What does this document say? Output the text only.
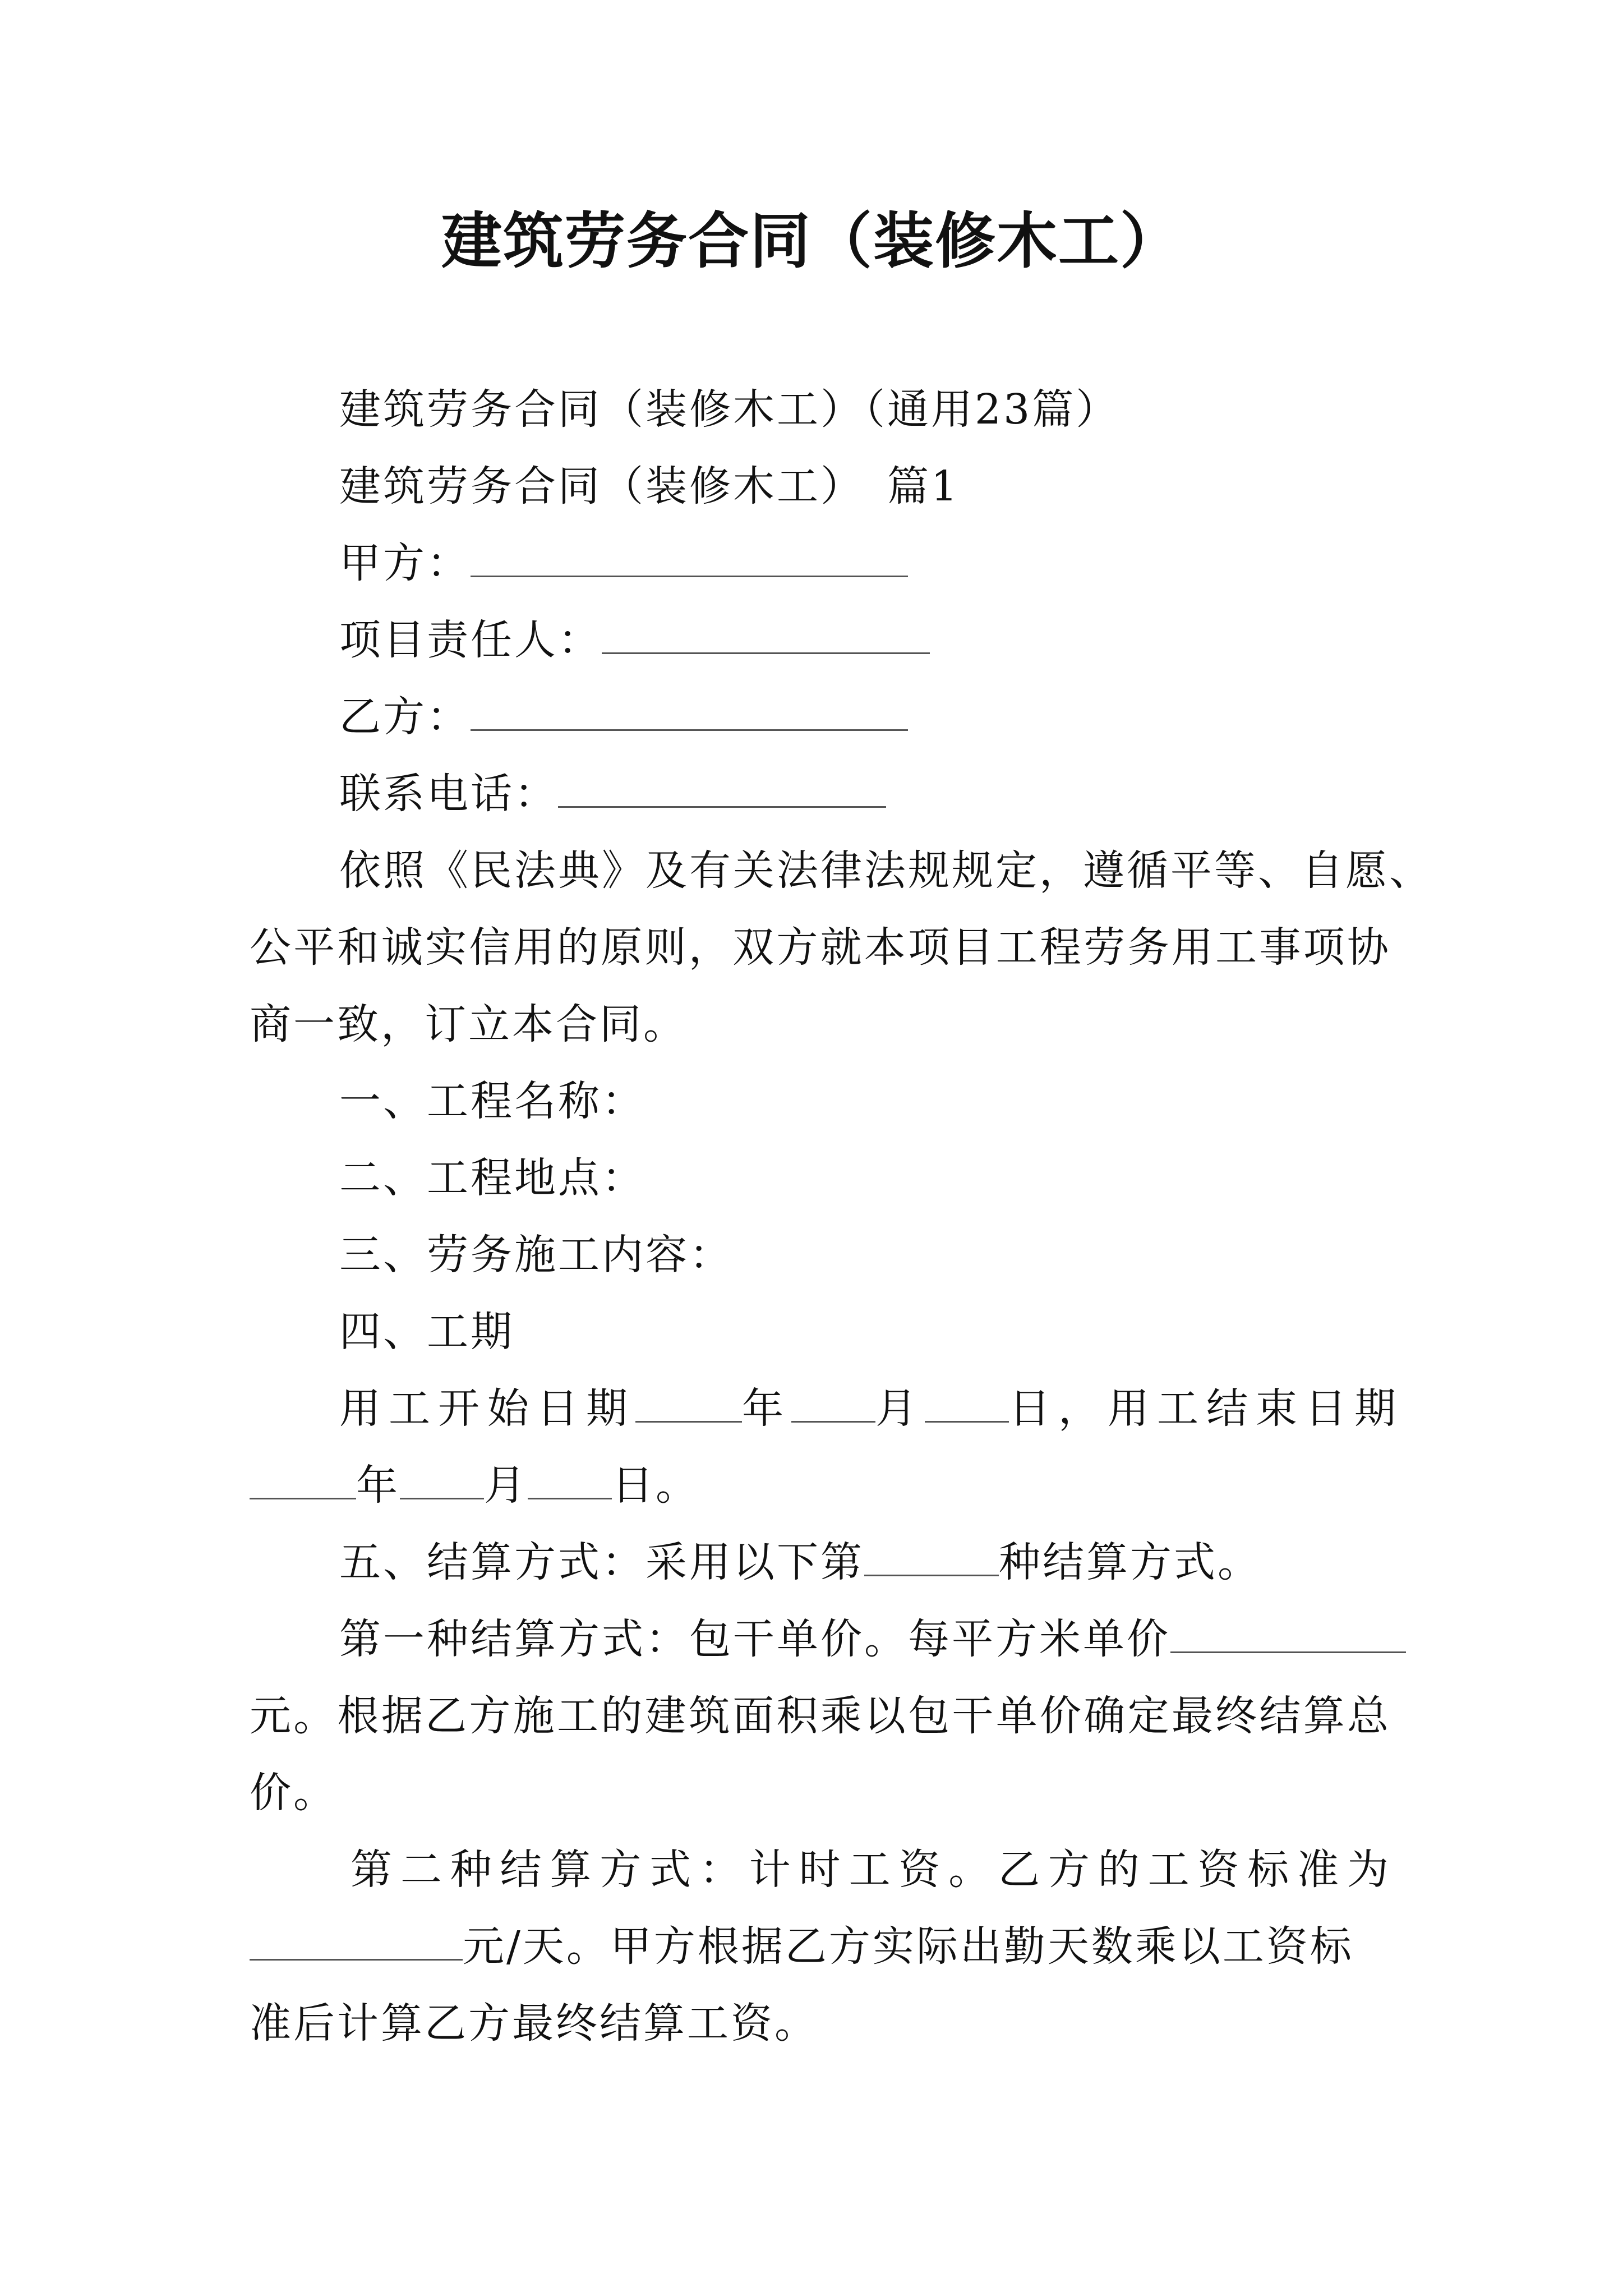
建筑劳务合同（装修木工）
建筑劳务合同（装修木工）（通用23篇）
建筑劳务合同（装修木工）　篇1
甲方：
项目责任人：
乙方：
联系电话：
依照《民法典》及有关法律法规规定，遵循平等、自愿、
公平和诚实信用的原则，双方就本项目工程劳务用工事项协
商一致，订立本合同。
一、工程名称：
二、工程地点：
三、劳务施工内容：
四、工期
用工开始日期	年 月 日，用工结束日期
年 月 日。
五、结算方式：采用以下第	种结算方式。
第一种结算方式：包干单价。每平方米单价
元。根据乙方施工的建筑面积乘以包干单价确定最终结算总
价。
第二种结算方式：计时工资。乙方的工资标准为
元/天。甲方根据乙方实际出勤天数乘以工资标
准后计算乙方最终结算工资。
